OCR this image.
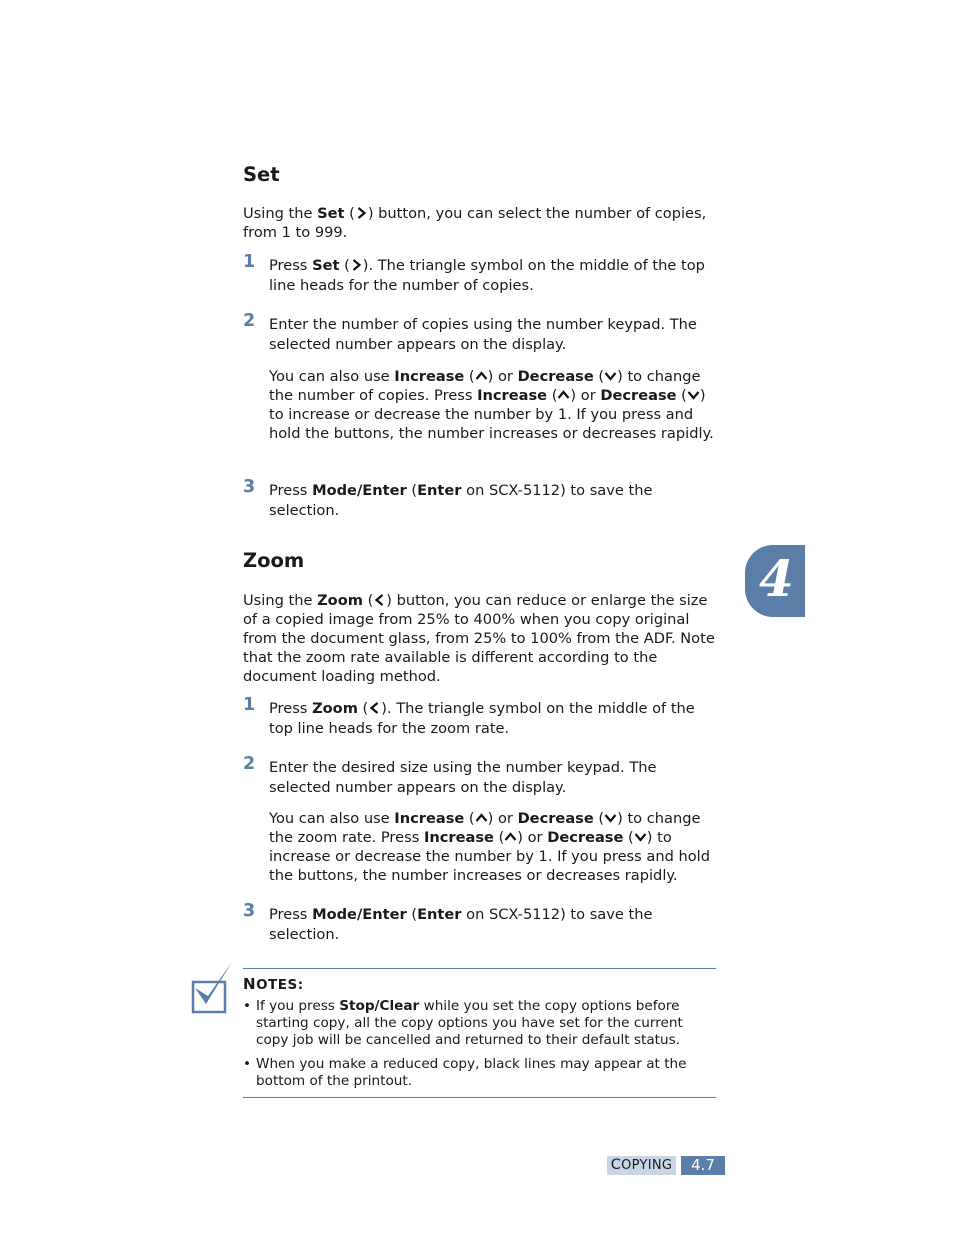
Set

Using the Set ( ) button, you can select the number of copies, from 1 to 999.

1 Press Set ( ). The triangle symbol on the middle of the top line heads for the number of copies.
2 Enter the number of copies using the number keypad. The selected number appears on the display.
You can also use Increase ( ) or Decrease ( ) to change the number of copies. Press Increase ( ) or Decrease ( ) to increase or decrease the number by 1. If you press and hold the buttons, the number increases or decreases rapidly.
3 Press Mode/Enter (Enter on SCX-5112) to save the selection.
Zoom

Using the Zoom ( ) button, you can reduce or enlarge the size of a copied image from 25% to 400% when you copy original from the document glass, from 25% to 100% from the ADF. Note that the zoom rate available is different according to the document loading method.

1 Press Zoom ( ). The triangle symbol on the middle of the top line heads for the zoom rate.
2 Enter the desired size using the number keypad. The selected number appears on the display.
You can also use Increase ( ) or Decrease ( ) to change the zoom rate. Press Increase ( ) or Decrease ( ) to increase or decrease the number by 1. If you press and hold the buttons, the number increases or decreases rapidly.
3 Press Mode/Enter (Enter on SCX-5112) to save the selection.
4
NOTES:
• If you press Stop/Clear while you set the copy options before starting copy, all the copy options you have set for the current copy job will be cancelled and returned to their default status.
• When you make a reduced copy, black lines may appear at the bottom of the printout.
COPYING	4.7
